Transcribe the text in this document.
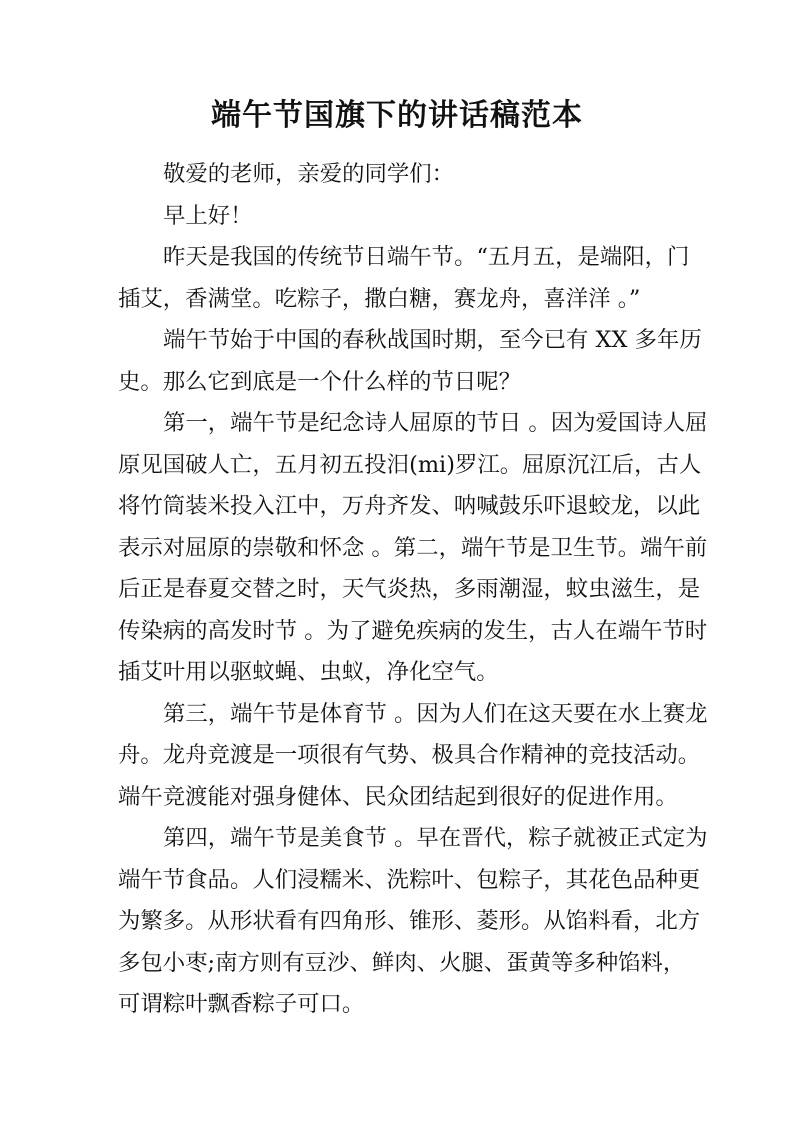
端午节国旗下的讲话稿范本
敬爱的老师，亲爱的同学们：
早上好！
昨天是我国的传统节日端午节。“五月五，是端阳，门
插艾，香满堂。吃粽子，撒白糖，赛龙舟，喜洋洋 。”
端午节始于中国的春秋战国时期，至今已有 XX 多年历
史。那么它到底是一个什么样的节日呢？
第一，端午节是纪念诗人屈原的节日 。因为爱国诗人屈
原见国破人亡，五月初五投汨(mi)罗江。屈原沉江后，古人
将竹筒装米投入江中，万舟齐发、呐喊鼓乐吓退蛟龙，以此
表示对屈原的崇敬和怀念 。第二，端午节是卫生节。端午前
后正是春夏交替之时，天气炎热，多雨潮湿，蚊虫滋生，是
传染病的高发时节 。为了避免疾病的发生，古人在端午节时
插艾叶用以驱蚊蝇、虫蚁，净化空气。
第三，端午节是体育节 。因为人们在这天要在水上赛龙
舟。龙舟竞渡是一项很有气势、极具合作精神的竞技活动。
端午竞渡能对强身健体、民众团结起到很好的促进作用。
第四，端午节是美食节 。早在晋代，粽子就被正式定为
端午节食品。人们浸糯米、洗粽叶、包粽子，其花色品种更
为繁多。从形状看有四角形、锥形、菱形。从馅料看，北方
多包小枣;南方则有豆沙、鲜肉、火腿、蛋黄等多种馅料，
可谓粽叶飘香粽子可口。
